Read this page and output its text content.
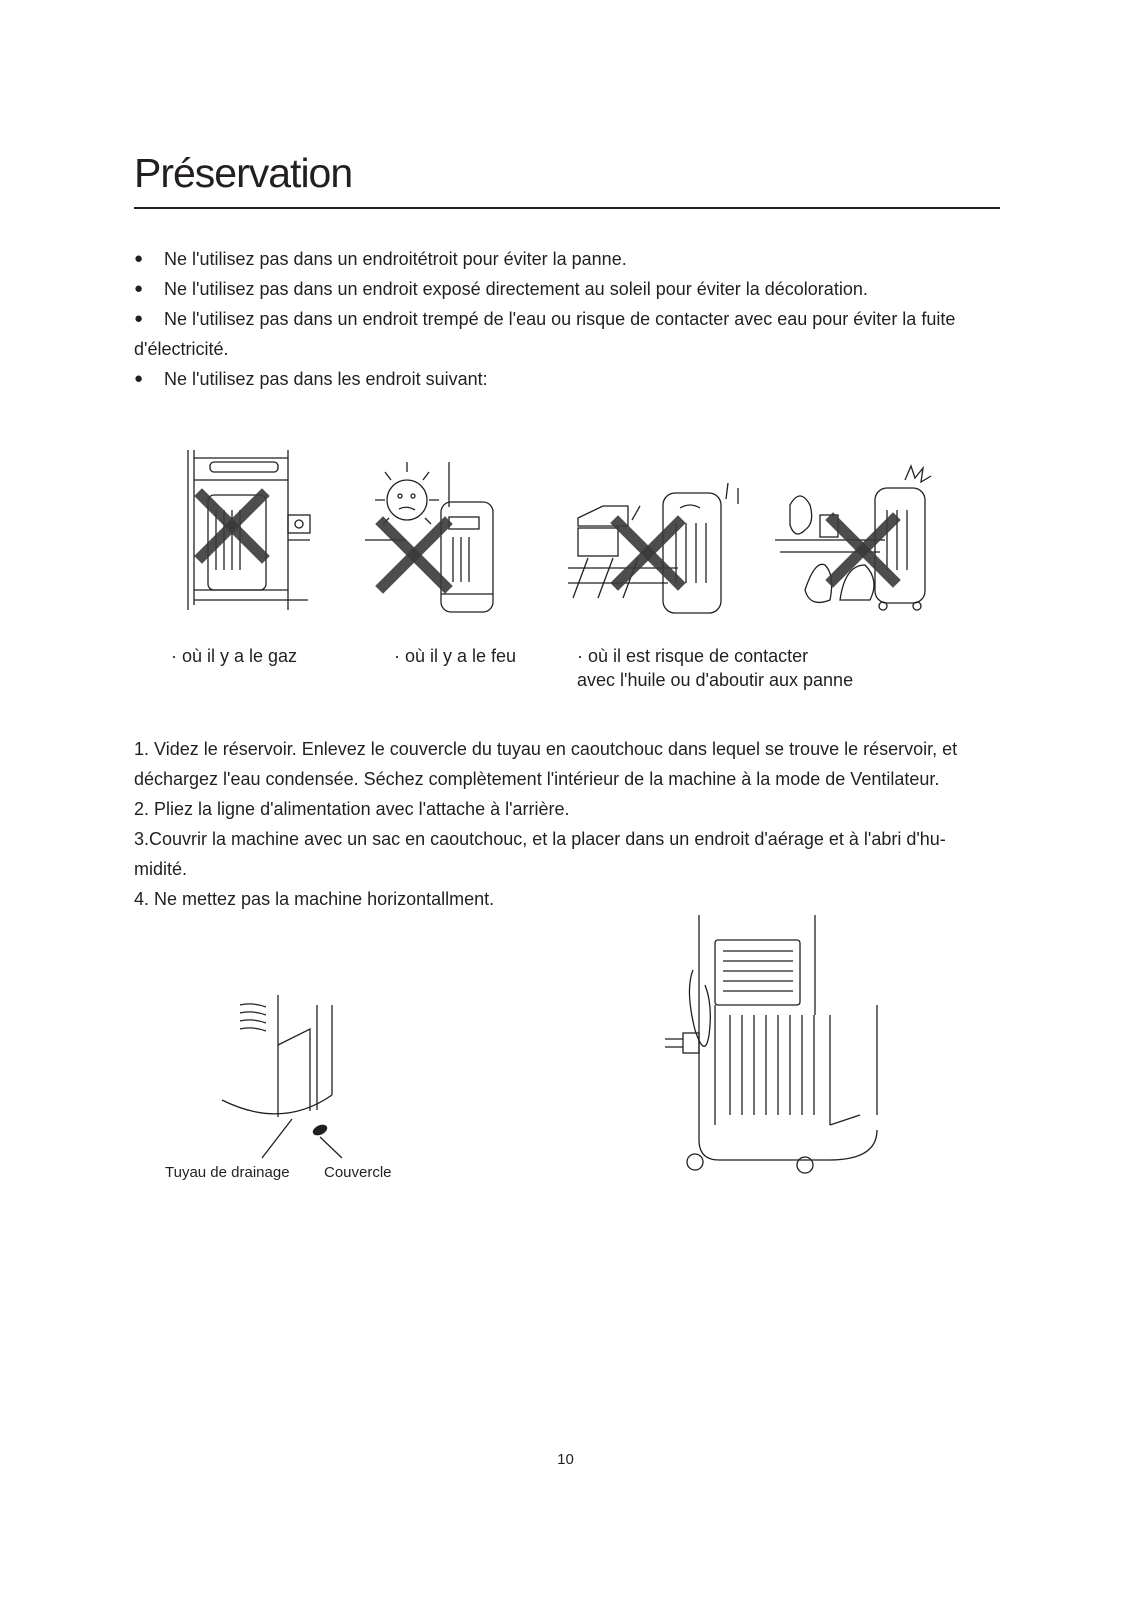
Préservation
● Ne l'utilisez pas dans un endroitétroit pour éviter la panne.
● Ne l'utilisez pas dans un endroit exposé directement au soleil pour éviter la décoloration.
● Ne l'utilisez pas dans un endroit trempé de l'eau ou risque de contacter avec eau pour éviter la fuite
d'électricité.
● Ne l'utilisez pas dans les endroit suivant:
· où il y a le gaz	· où il y a le feu	· où il est risque de contacter
avec l'huile ou d'aboutir aux panne
1. Videz le réservoir. Enlevez le couvercle du tuyau en caoutchouc dans lequel se trouve le réservoir, et
déchargez l'eau condensée. Séchez complètement l'intérieur de la machine à la mode de Ventilateur.
2. Pliez la ligne d'alimentation avec l'attache à l'arrière.
3.Couvrir la machine avec un sac en caoutchouc, et la placer dans un endroit d'aérage et à l'abri d'hu-
midité.
4. Ne mettez pas la machine horizontallment.
Tuyau de drainage Couvercle
10
